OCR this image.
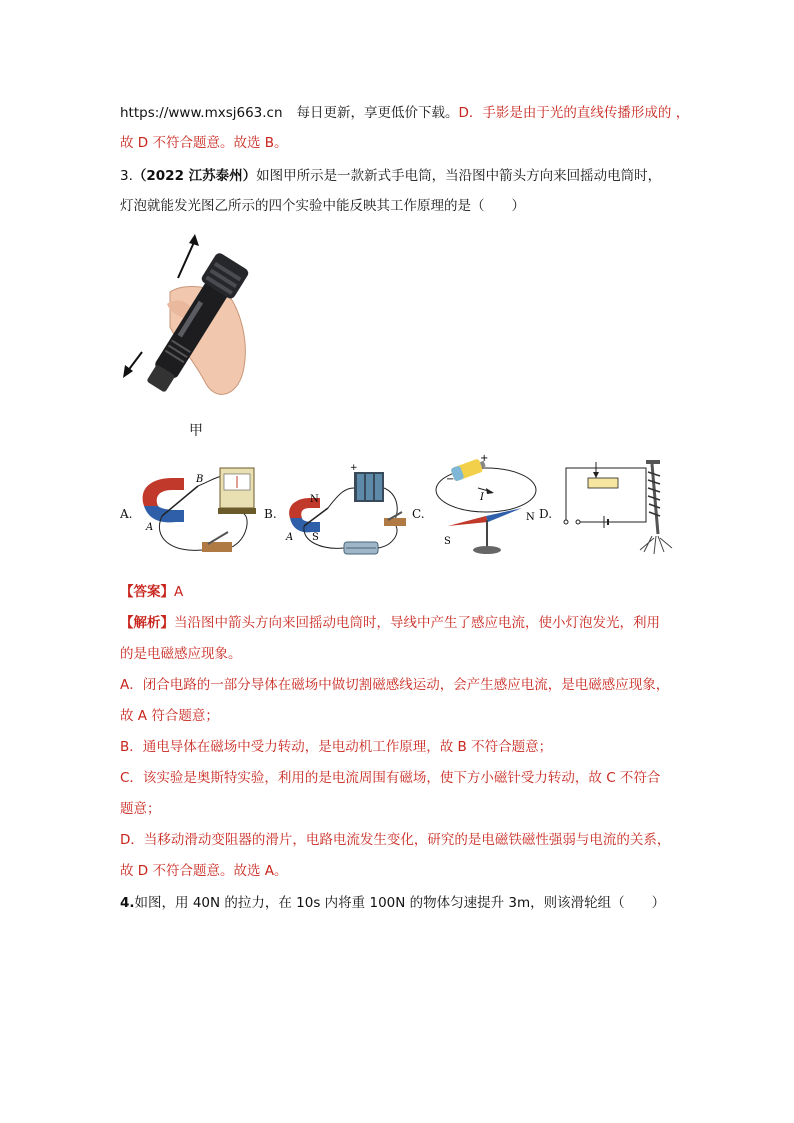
https://www.mxsj663.cn 每日更新，享更低价下载。D．手影是由于光的直线传播形成的 ，
故 D 不符合题意。故选 B。
3.（2022 江苏泰州）如图甲所示是一款新式手电筒，当沿图中箭头方向来回摇动电筒时，
灯泡就能发光图乙所示的四个实验中能反映其工作原理的是（　　）
甲
A.	B.	C.	D.
B
A
+
N
S
A
+
−
I
S
N
【答案】A
【解析】当沿图中箭头方向来回摇动电筒时，导线中产生了感应电流，使小灯泡发光，利用
的是电磁感应现象。
A．闭合电路的一部分导体在磁场中做切割磁感线运动，会产生感应电流，是电磁感应现象，
故 A 符合题意；
B．通电导体在磁场中受力转动，是电动机工作原理，故 B 不符合题意；
C．该实验是奥斯特实验，利用的是电流周围有磁场，使下方小磁针受力转动，故 C 不符合
题意；
D．当移动滑动变阻器的滑片，电路电流发生变化，研究的是电磁铁磁性强弱与电流的关系，
故 D 不符合题意。故选 A。
4.如图，用 40N 的拉力，在 10s 内将重 100N 的物体匀速提升 3m，则该滑轮组（　　）
